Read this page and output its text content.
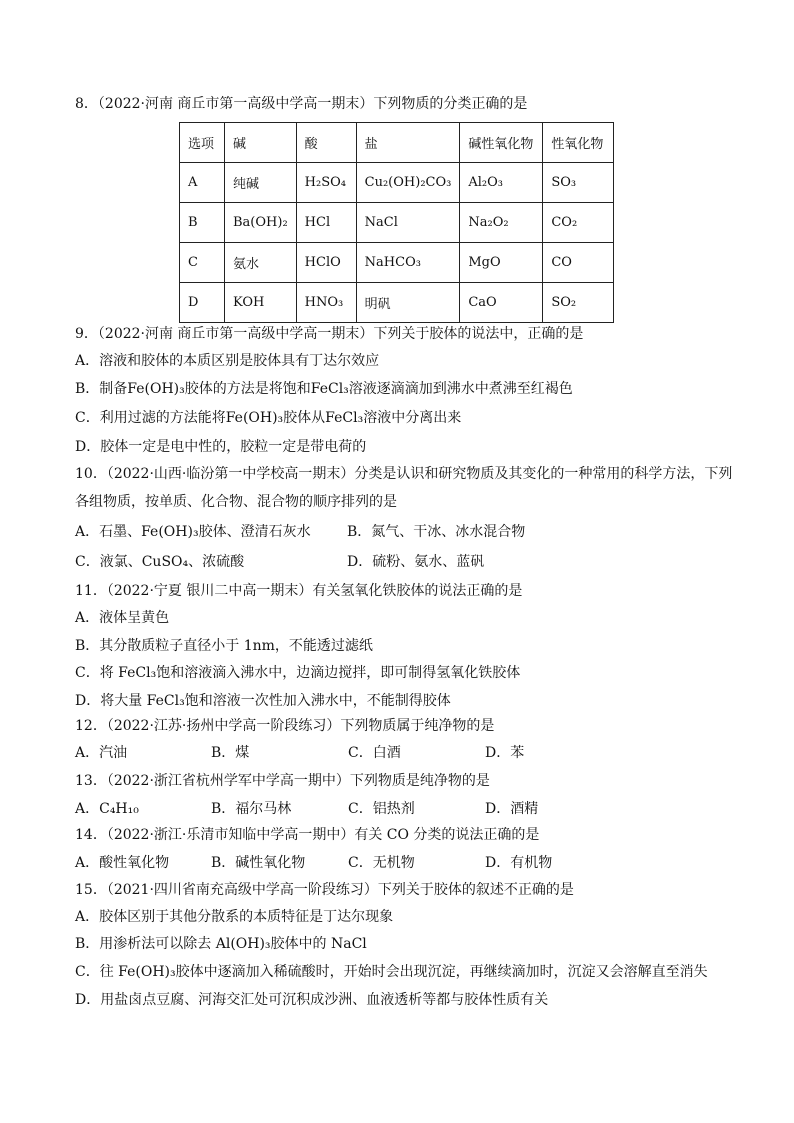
8．（2022·河南 商丘市第一高级中学高一期末）下列物质的分类正确的是
选项	碱	酸	盐	碱性氧化物	性氧化物
A	纯碱	H₂SO₄	Cu₂(OH)₂CO₃	Al₂O₃	SO₃
B	Ba(OH)₂	HCl	NaCl	Na₂O₂	CO₂
C	氨水	HClO	NaHCO₃	MgO	CO
D	KOH	HNO₃	明矾	CaO	SO₂
9．（2022·河南 商丘市第一高级中学高一期末）下列关于胶体的说法中，正确的是
A．溶液和胶体的本质区别是胶体具有丁达尔效应
B．制备Fe(OH)₃胶体的方法是将饱和FeCl₃溶液逐滴滴加到沸水中煮沸至红褐色
C．利用过滤的方法能将Fe(OH)₃胶体从FeCl₃溶液中分离出来
D．胶体一定是电中性的，胶粒一定是带电荷的
10．（2022·山西·临汾第一中学校高一期末）分类是认识和研究物质及其变化的一种常用的科学方法，下列
各组物质，按单质、化合物、混合物的顺序排列的是
A．石墨、Fe(OH)₃胶体、澄清石灰水	B．氮气、干冰、冰水混合物
C．液氯、CuSO₄、浓硫酸	D．硫粉、氨水、蓝矾
11．（2022·宁夏 银川二中高一期末）有关氢氧化铁胶体的说法正确的是
A．液体呈黄色
B．其分散质粒子直径小于 1nm，不能透过滤纸
C．将 FeCl₃饱和溶液滴入沸水中，边滴边搅拌，即可制得氢氧化铁胶体
D．将大量 FeCl₃饱和溶液一次性加入沸水中，不能制得胶体
12．（2022·江苏·扬州中学高一阶段练习）下列物质属于纯净物的是
A．汽油	B．煤	C．白酒	D．苯
13．（2022·浙江省杭州学军中学高一期中）下列物质是纯净物的是
A．C₄H₁₀	B．福尔马林	C．铝热剂	D．酒精
14．（2022·浙江·乐清市知临中学高一期中）有关 CO 分类的说法正确的是
A．酸性氧化物	B．碱性氧化物	C．无机物	D．有机物
15．（2021·四川省南充高级中学高一阶段练习）下列关于胶体的叙述不正确的是
A．胶体区别于其他分散系的本质特征是丁达尔现象
B．用渗析法可以除去 Al(OH)₃胶体中的 NaCl
C．往 Fe(OH)₃胶体中逐滴加入稀硫酸时，开始时会出现沉淀，再继续滴加时，沉淀又会溶解直至消失
D．用盐卤点豆腐、河海交汇处可沉积成沙洲、血液透析等都与胶体性质有关
